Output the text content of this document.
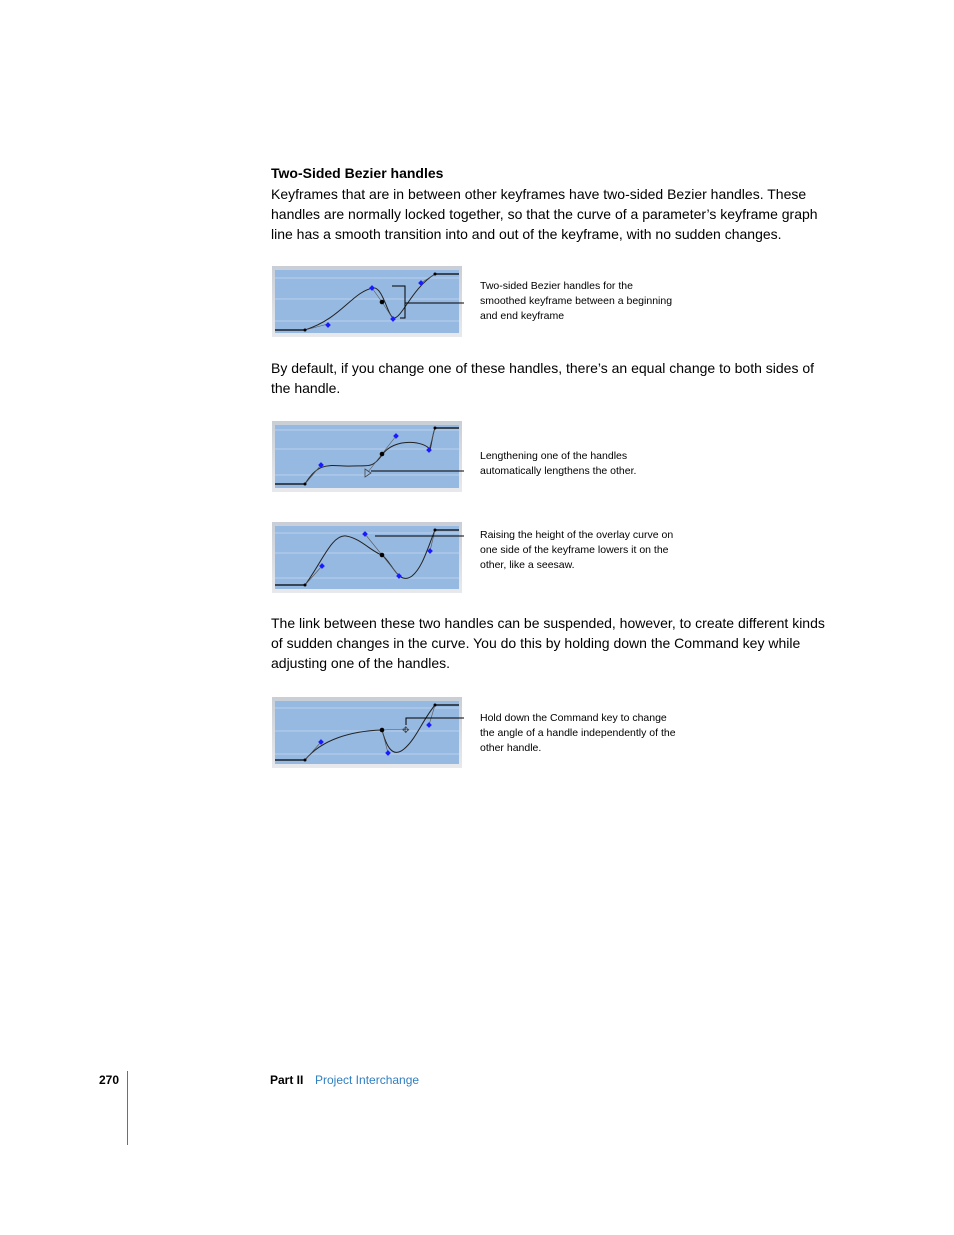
Two-Sided Bezier handles
Keyframes that are in between other keyframes have two-sided Bezier handles. These handles are normally locked together, so that the curve of a parameter’s keyframe graph line has a smooth transition into and out of the keyframe, with no sudden changes.
Two-sided Bezier handles for the smoothed keyframe between a beginning and end keyframe
By default, if you change one of these handles, there’s an equal change to both sides of the handle.
Lengthening one of the handles automatically lengthens the other.
Raising the height of the overlay curve on one side of the keyframe lowers it on the other, like a seesaw.
The link between these two handles can be suspended, however, to create different kinds of sudden changes in the curve. You do this by holding down the Command key while adjusting one of the handles.
✥
Hold down the Command key to change the angle of a handle independently of the other handle.
270	Part II Project Interchange
